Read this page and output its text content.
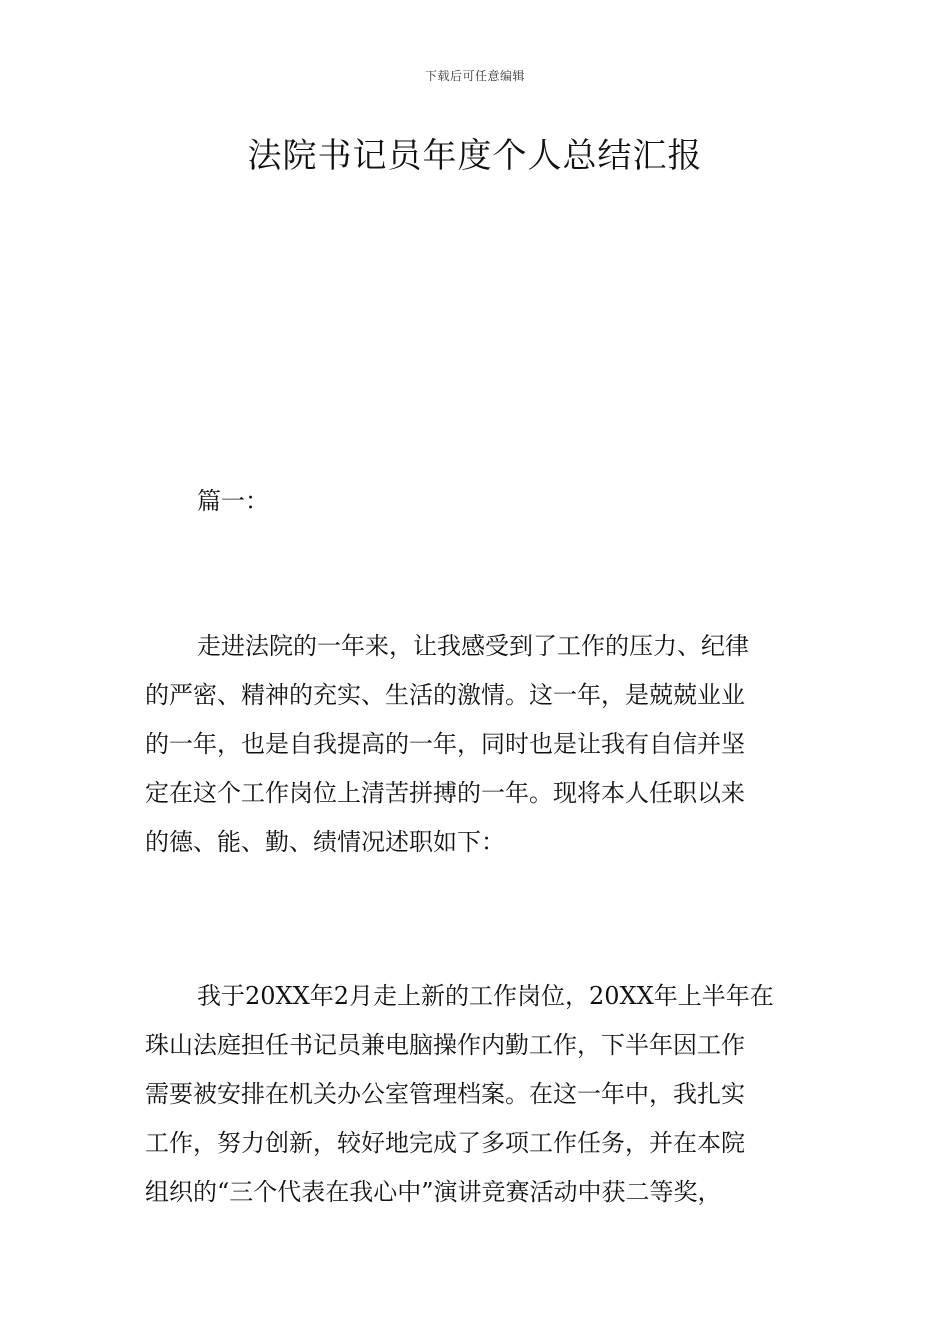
下载后可任意编辑
法院书记员年度个人总结汇报
篇一：
走进法院的一年来，让我感受到了工作的压力、纪律
的严密、精神的充实、生活的激情。这一年，是兢兢业业
的一年，也是自我提高的一年，同时也是让我有自信并坚
定在这个工作岗位上清苦拼搏的一年。现将本人任职以来
的德、能、勤、绩情况述职如下：
我于20XX年2月走上新的工作岗位，20XX年上半年在
珠山法庭担任书记员兼电脑操作内勤工作，下半年因工作
需要被安排在机关办公室管理档案。在这一年中，我扎实
工作，努力创新，较好地完成了多项工作任务，并在本院
组织的“三个代表在我心中”演讲竞赛活动中获二等奖，
